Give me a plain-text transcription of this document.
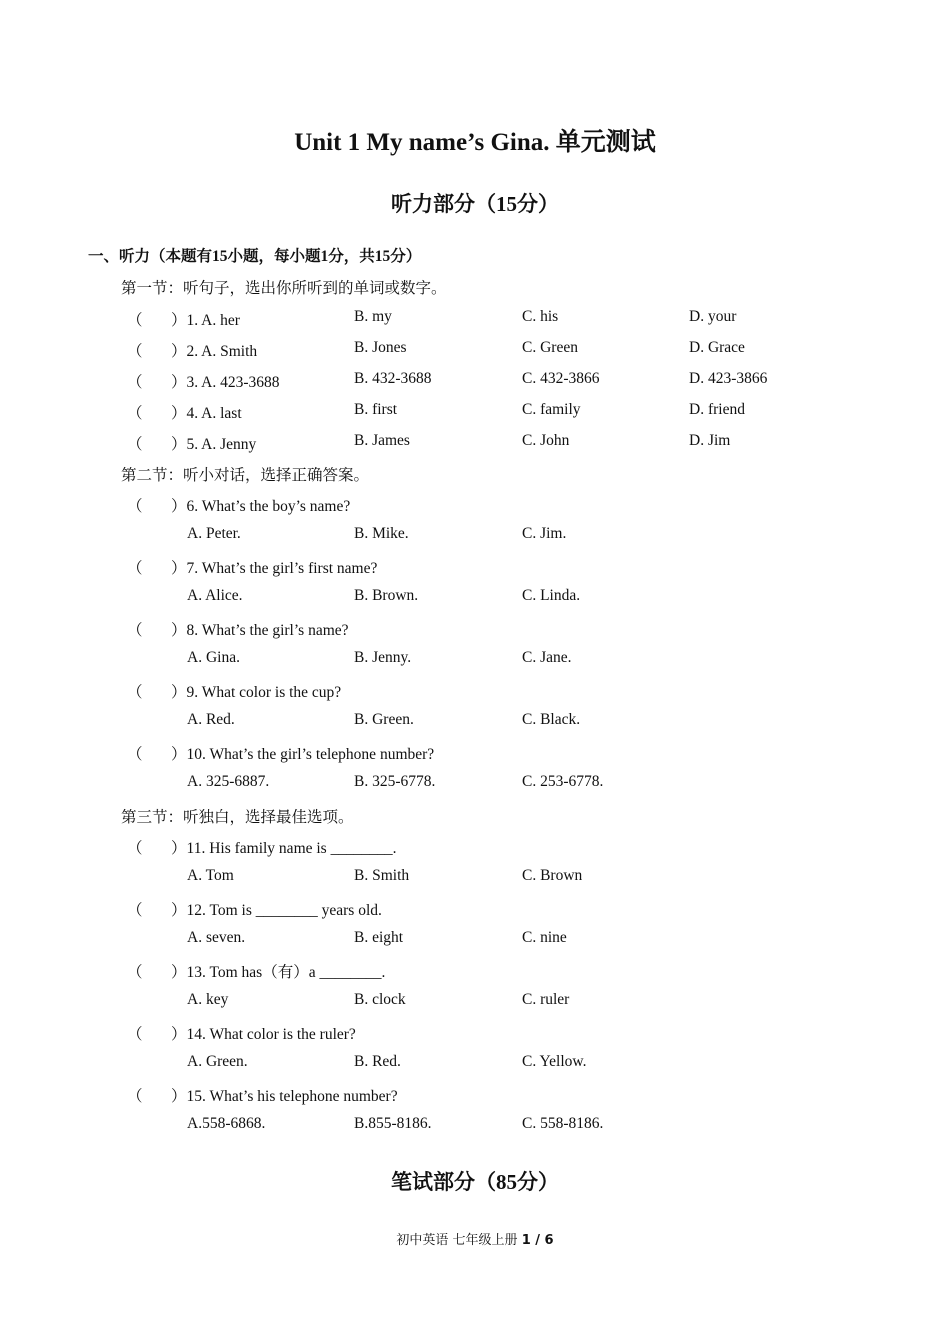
Unit 1 My name’s Gina. 单元测试
听力部分（15分）
一、听力（本题有15小题，每小题1分，共15分）
第一节：听句子，选出你所听到的单词或数字。
（ ）1. A. her	B. my	C. his	D. your
（ ）2. A. Smith	B. Jones	C. Green	D. Grace
（ ）3. A. 423-3688	B. 432-3688	C. 432-3866	D. 423-3866
（ ）4. A. last	B. first	C. family	D. friend
（ ）5. A. Jenny	B. James	C. John	D. Jim
第二节：听小对话，选择正确答案。
（ ）6. What’s the boy’s name?
A. Peter.	B. Mike.	C. Jim.
（ ）7. What’s the girl’s first name?
A. Alice.	B. Brown.	C. Linda.
（ ）8. What’s the girl’s name?
A. Gina.	B. Jenny.	C. Jane.
（ ）9. What color is the cup?
A. Red.	B. Green.	C. Black.
（ ）10. What’s the girl’s telephone number?
A. 325-6887.	B. 325-6778.	C. 253-6778.
第三节：听独白，选择最佳选项。
（ ）11. His family name is ________.
A. Tom	B. Smith	C. Brown
（ ）12. Tom is ________ years old.
A. seven.	B. eight	C. nine
（ ）13. Tom has（有）a ________.
A. key	B. clock	C. ruler
（ ）14. What color is the ruler?
A. Green.	B. Red.	C. Yellow.
（ ）15. What’s his telephone number?
A.558-6868.	B.855-8186.	C. 558-8186.
笔试部分（85分）
初中英语 七年级上册 1 / 6
